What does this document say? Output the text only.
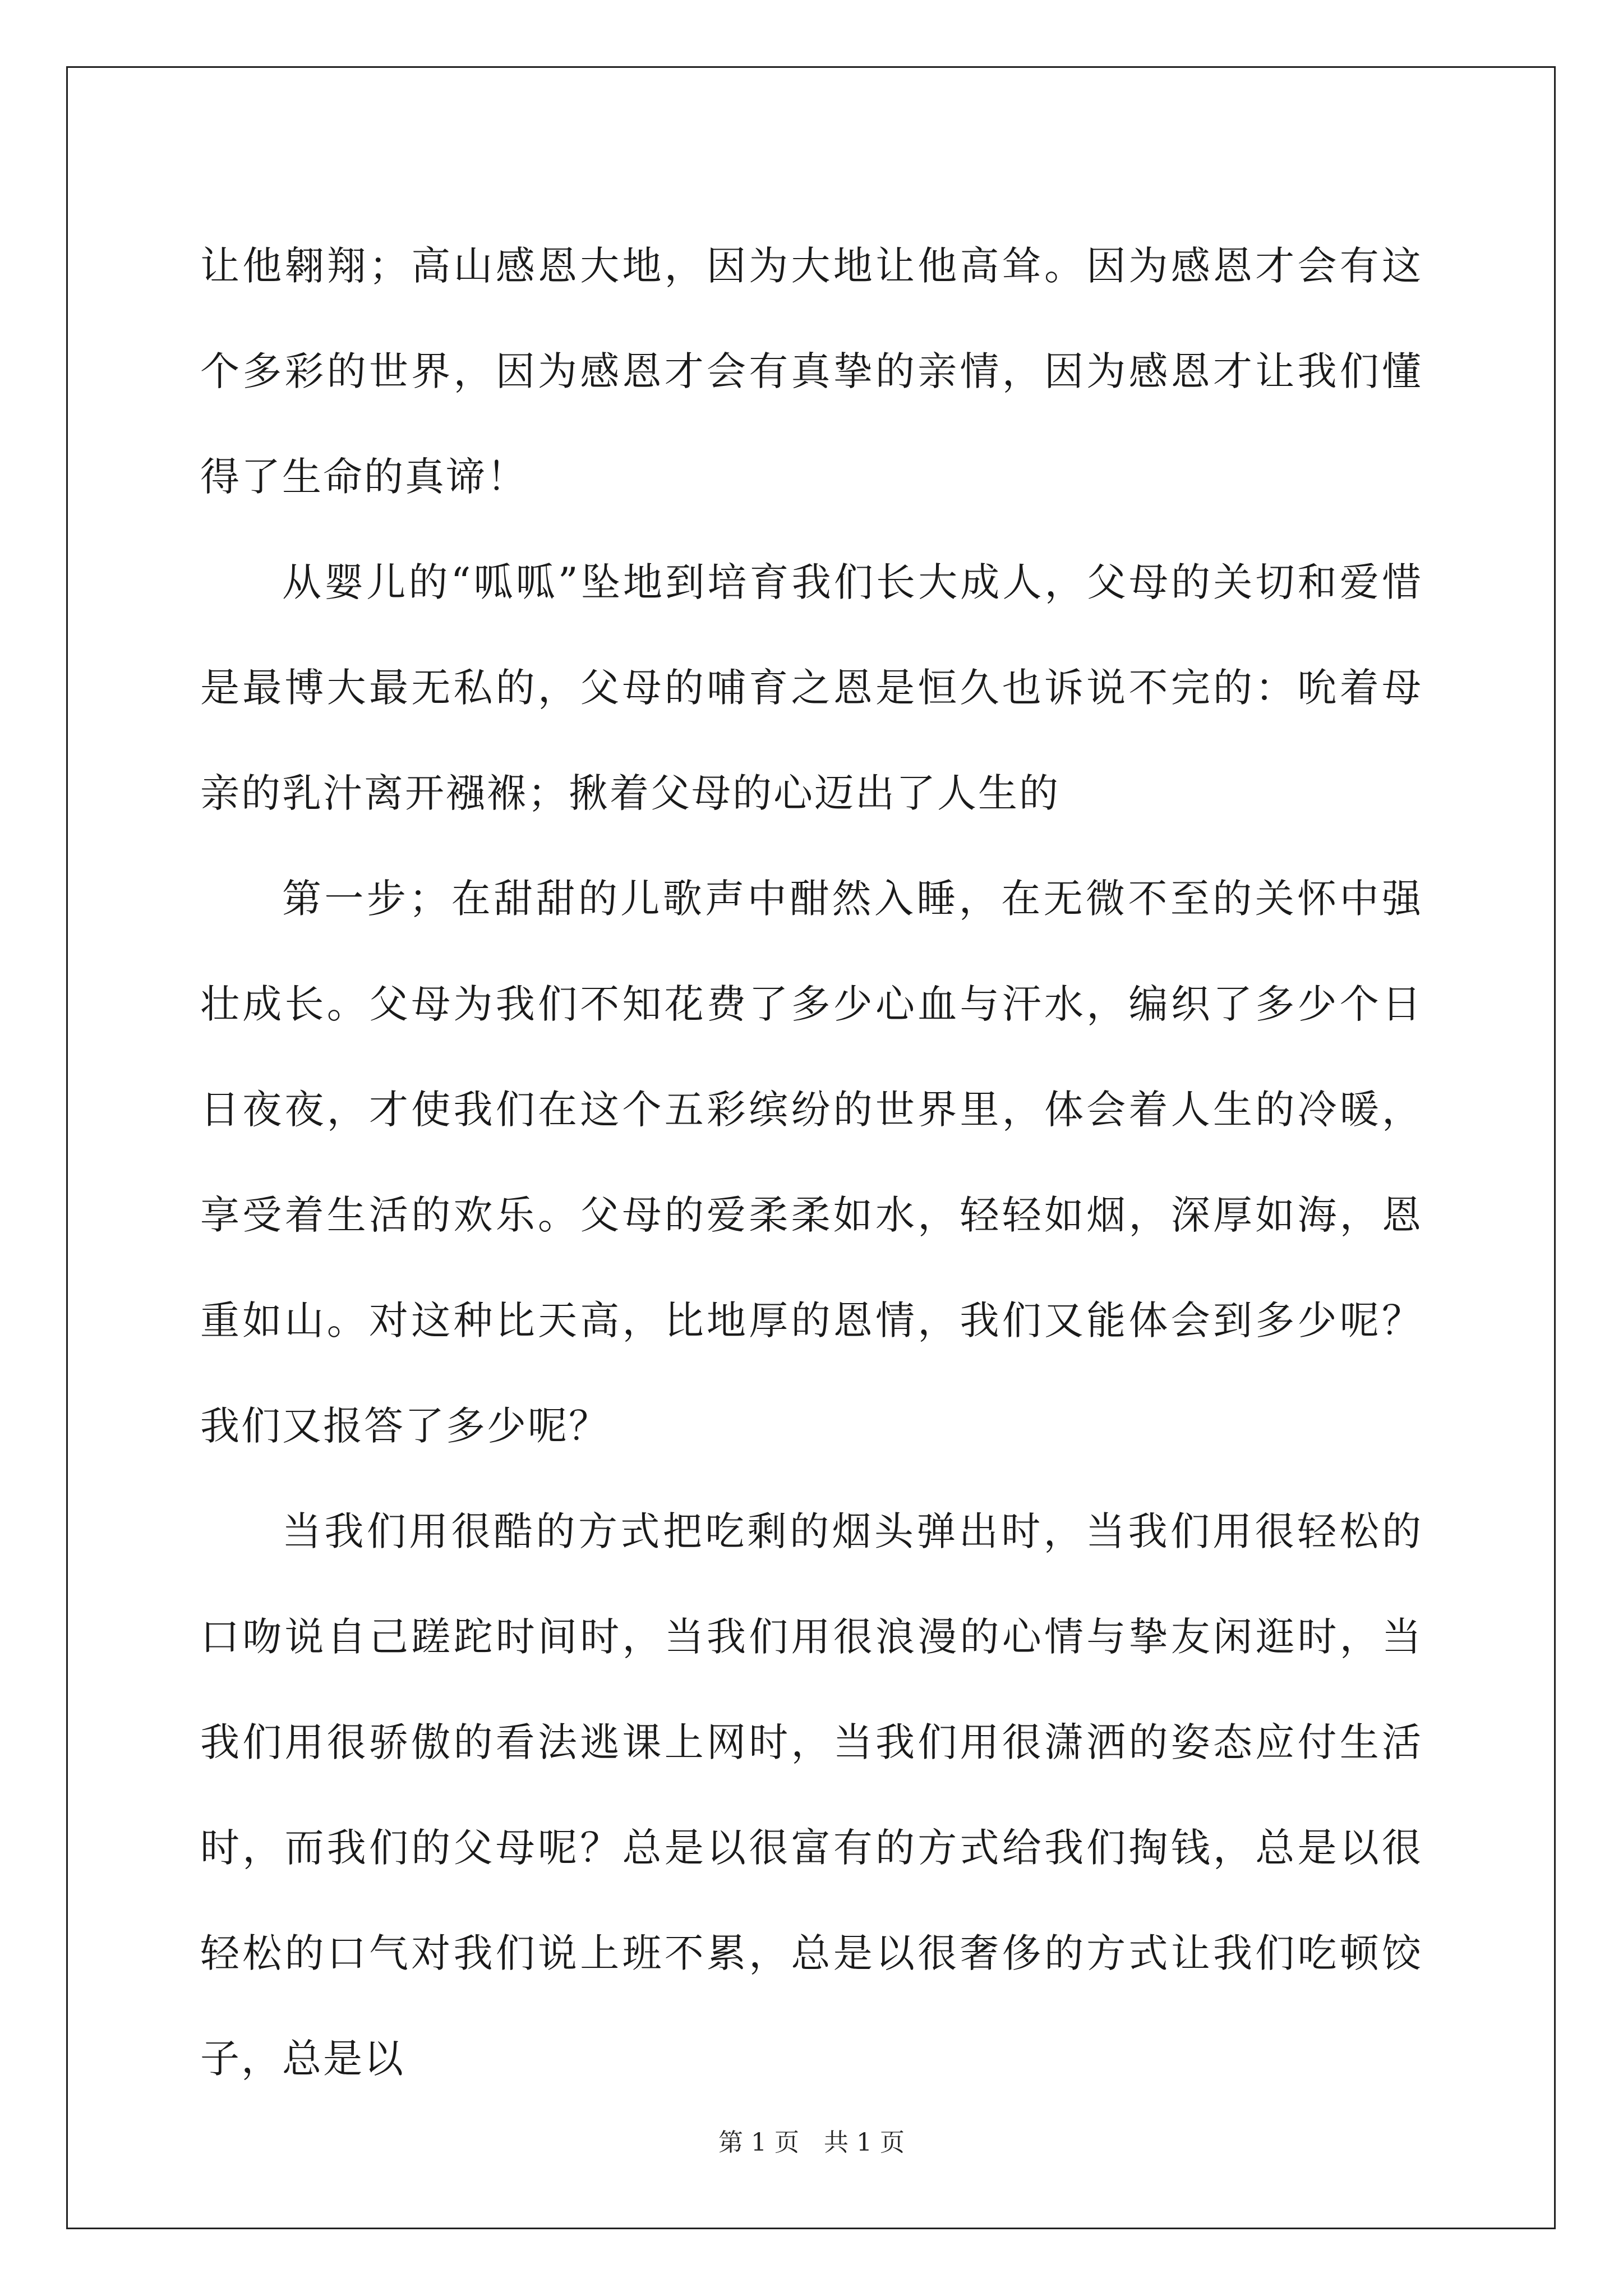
让他翱翔；高山感恩大地，因为大地让他高耸。因为感恩才会有这个多彩的世界，因为感恩才会有真挚的亲情，因为感恩才让我们懂得了生命的真谛！

从婴儿的“呱呱”坠地到培育我们长大成人，父母的关切和爱惜是最博大最无私的，父母的哺育之恩是恒久也诉说不完的：吮着母亲的乳汁离开襁褓；揪着父母的心迈出了人生的

第一步；在甜甜的儿歌声中酣然入睡，在无微不至的关怀中强壮成长。父母为我们不知花费了多少心血与汗水，编织了多少个日日夜夜，才使我们在这个五彩缤纷的世界里，体会着人生的冷暖，享受着生活的欢乐。父母的爱柔柔如水，轻轻如烟，深厚如海，恩重如山。对这种比天高，比地厚的恩情，我们又能体会到多少呢？我们又报答了多少呢？

当我们用很酷的方式把吃剩的烟头弹出时，当我们用很轻松的口吻说自己蹉跎时间时，当我们用很浪漫的心情与挚友闲逛时，当我们用很骄傲的看法逃课上网时，当我们用很潇洒的姿态应付生活时，而我们的父母呢？总是以很富有的方式给我们掏钱，总是以很轻松的口气对我们说上班不累，总是以很奢侈的方式让我们吃顿饺子，总是以

第 1 页　共 1 页
